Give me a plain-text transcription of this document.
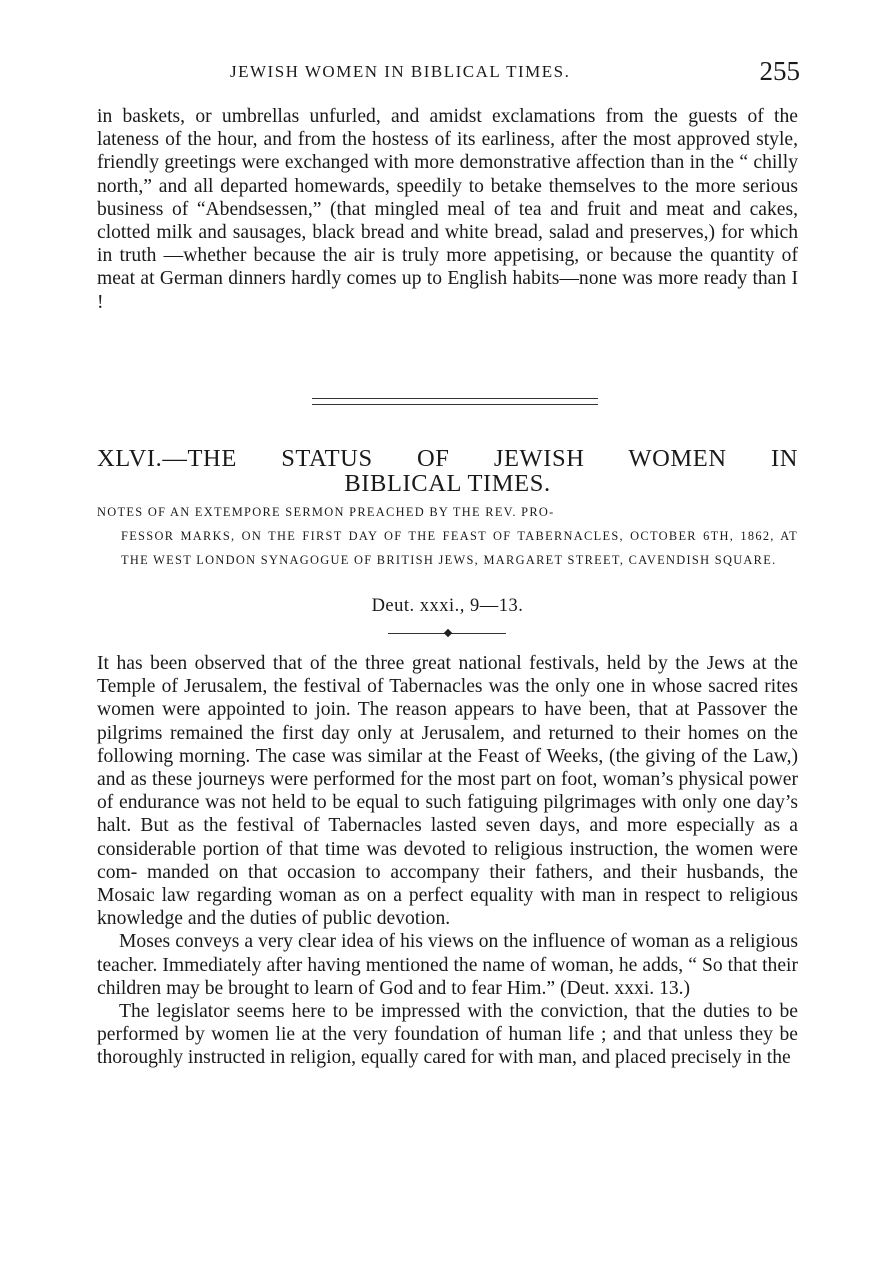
JEWISH WOMEN IN BIBLICAL TIMES.	255

in baskets, or umbrellas unfurled, and amidst exclamations from the guests of the lateness of the hour, and from the hostess of its earliness, after the most approved style, friendly greetings were exchanged with more demonstrative affection than in the “ chilly north,” and all departed homewards, speedily to betake themselves to the more serious business of “Abendsessen,” (that mingled meal of tea and fruit and meat and cakes, clotted milk and sausages, black bread and white bread, salad and preserves,) for which in truth —whether because the air is truly more appetising, or because the quantity of meat at German dinners hardly comes up to English habits—none was more ready than I !

XLVI.—THE STATUS OF JEWISH WOMEN IN
BIBLICAL TIMES.
NOTES OF AN EXTEMPORE SERMON PREACHED BY THE REV. PRO-
FESSOR MARKS, ON THE FIRST DAY OF THE FEAST OF TABERNACLES, OCTOBER 6TH, 1862, AT THE WEST LONDON SYNAGOGUE OF BRITISH JEWS, MARGARET STREET, CAVENDISH SQUARE.
Deut. xxxi., 9—13.

It has been observed that of the three great national festivals, held by the Jews at the Temple of Jerusalem, the festival of Tabernacles was the only one in whose sacred rites women were appointed to join. The reason appears to have been, that at Passover the pilgrims remained the first day only at Jerusalem, and returned to their homes on the following morning. The case was similar at the Feast of Weeks, (the giving of the Law,) and as these journeys were performed for the most part on foot, woman’s physical power of endurance was not held to be equal to such fatiguing pilgrimages with only one day’s halt. But as the festival of Tabernacles lasted seven days, and more especially as a considerable portion of that time was devoted to religious instruction, the women were com- manded on that occasion to accompany their fathers, and their husbands, the Mosaic law regarding woman as on a perfect equality with man in respect to religious knowledge and the duties of public devotion.

Moses conveys a very clear idea of his views on the influence of woman as a religious teacher. Immediately after having mentioned the name of woman, he adds, “ So that their children may be brought to learn of God and to fear Him.” (Deut. xxxi. 13.)

The legislator seems here to be impressed with the conviction, that the duties to be performed by women lie at the very foundation of human life ; and that unless they be thoroughly instructed in religion, equally cared for with man, and placed precisely in the
